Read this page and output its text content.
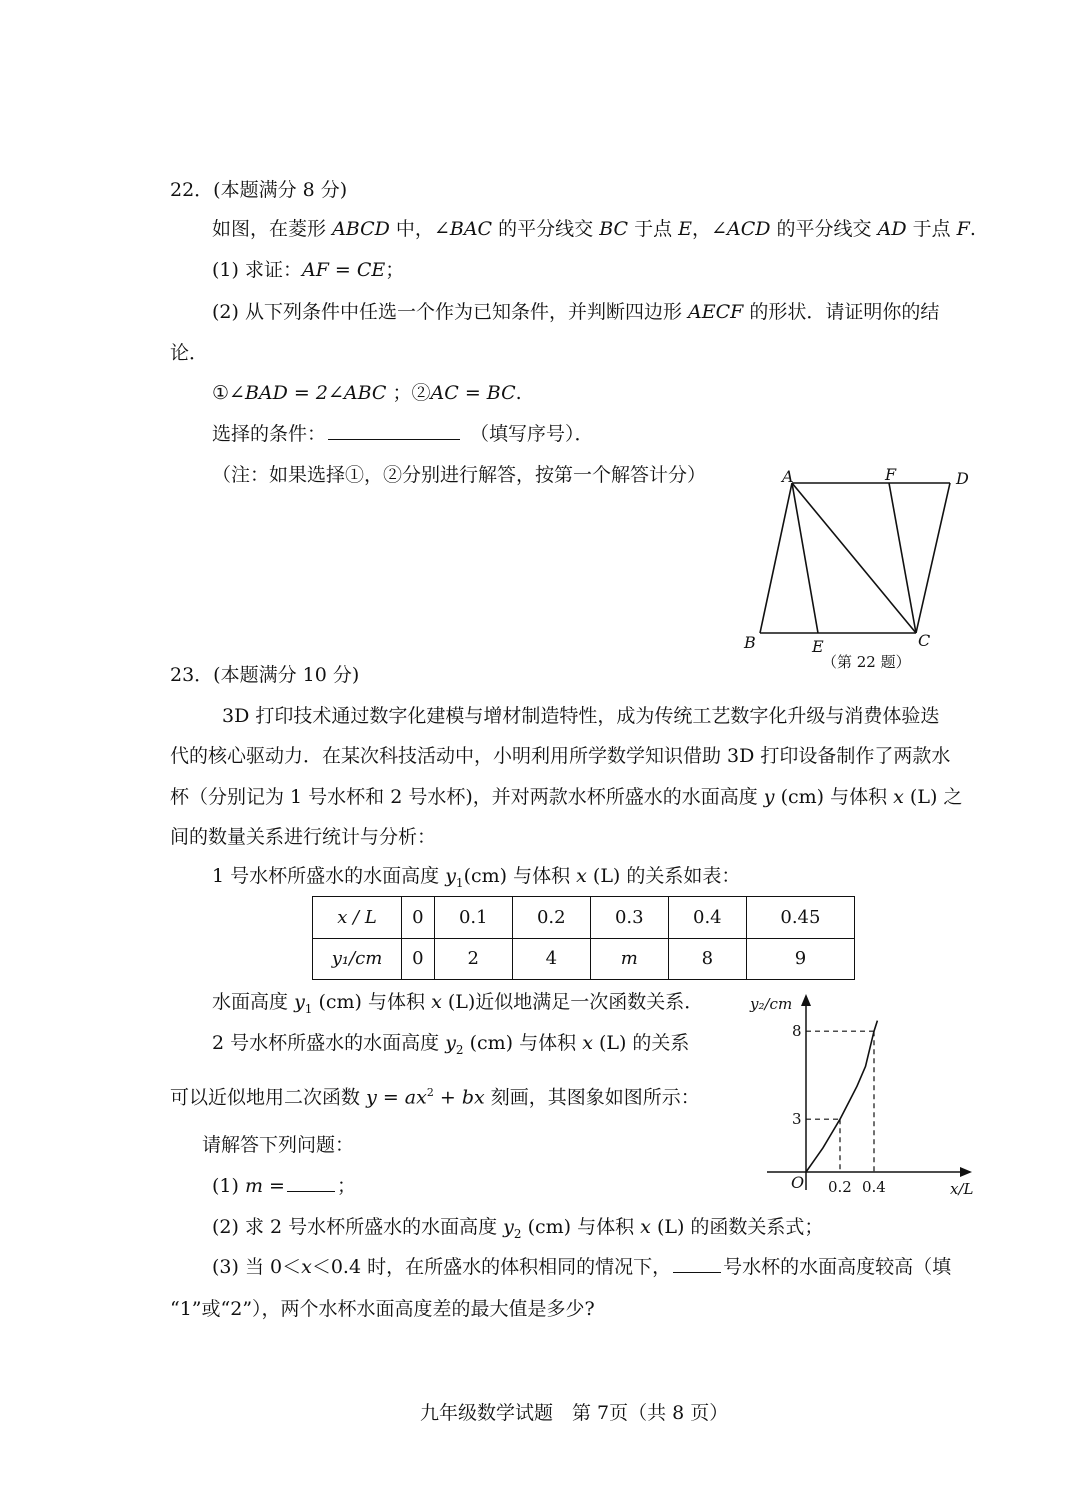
22．(本题满分 8 分)
如图，在菱形 ABCD 中，∠BAC 的平分线交 BC 于点 E，∠ACD 的平分线交 AD 于点 F.
(1) 求证：AF = CE；
(2) 从下列条件中任选一个作为已知条件，并判断四边形 AECF 的形状．请证明你的结
论．
①∠BAD = 2∠ABC ；②AC = BC.
选择的条件：	（填写序号）．
（注：如果选择①，②分别进行解答，按第一个解答计分）	A	F	D
B	E	C
（第 22 题）
23．(本题满分 10 分)
3D 打印技术通过数字化建模与增材制造特性，成为传统工艺数字化升级与消费体验迭
代的核心驱动力．在某次科技活动中，小明利用所学数学知识借助 3D 打印设备制作了两款水
杯（分别记为 1 号水杯和 2 号水杯)，并对两款水杯所盛水的水面高度 y (cm) 与体积 x (L) 之
间的数量关系进行统计与分析：
1 号水杯所盛水的水面高度 $y_1(cm)$ 与体积 x (L) 的关系如表：
x / L	0	0.1	0.2	0.3	0.4	0.45
y₁/cm	0	2	4	m	8	9
水面高度 $y_1$ (cm) 与体积 x (L)近似地满足一次函数关系．
2 号水杯所盛水的水面高度 $y_2$ (cm) 与体积 x (L) 的关系
可以近似地用二次函数 $y = ax^2$ + bx 刻画，其图象如图所示：
请解答下列问题：
(1) m =	；
(2) 求 2 号水杯所盛水的水面高度 $y_2$ (cm) 与体积 x (L) 的函数关系式；
(3) 当 0＜x＜0.4 时，在所盛水的体积相同的情况下，	号水杯的水面高度较高（填
“1”或“2”），两个水杯水面高度差的最大值是多少?
0.2 0.4
3
8
y₂/cm
x/L
O
九年级数学试题　第 7页（共 8 页）
